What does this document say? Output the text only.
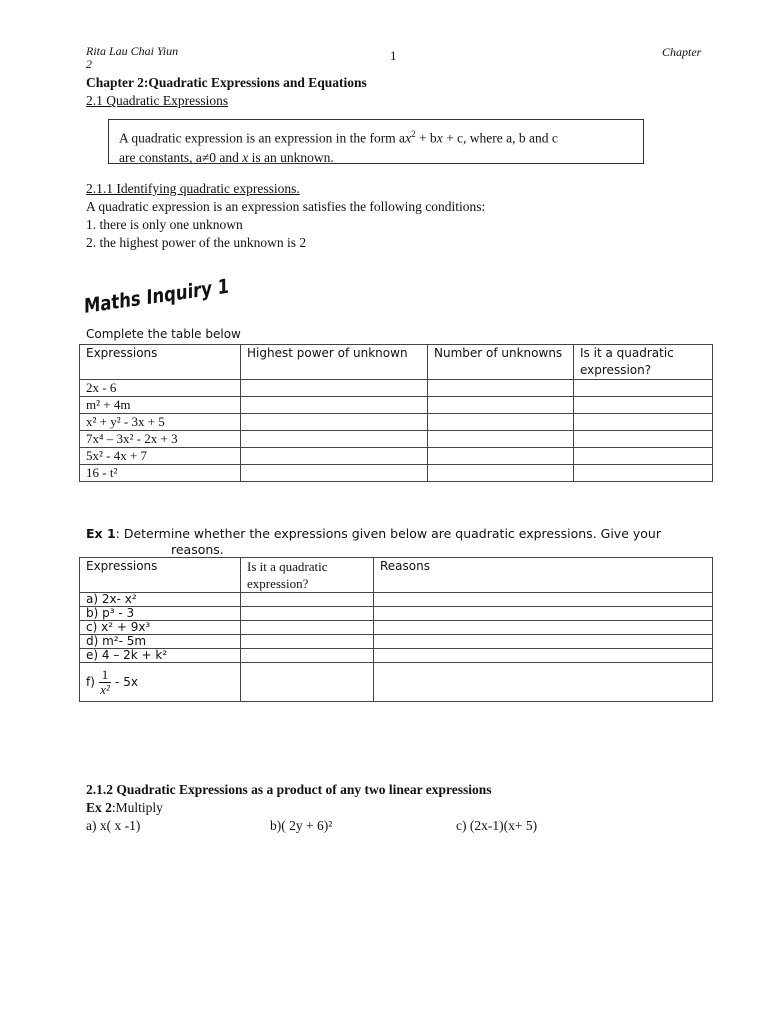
Rita Lau Chai Yiun
2
1	Chapter
Chapter 2:Quadratic Expressions and Equations
2.1 Quadratic Expressions
A quadratic expression is an expression in the form $ax^2$ + bx + c, where a, b and c
are constants, a≠0 and x is an unknown.
2.1.1 Identifying quadratic expressions.
A quadratic expression is an expression satisfies the following conditions:
1. there is only one unknown
2. the highest power of the unknown is 2
Maths Inquiry 1
Complete the table below
Expressions	Highest power of unknown	Number of unknowns	Is it a quadratic expression?
2x - 6			
m² + 4m			
x² + y² - 3x + 5			
7x⁴ – 3x² - 2x + 3			
5x² - 4x + 7			
16 - t²			
Ex 1: Determine whether the expressions given below are quadratic expressions. Give your
reasons.
Expressions	Is it a quadratic expression?	Reasons
a) 2x- x²		
b) p³ - 3		
c) x² + 9x³		
d) m²- 5m		
e) 4 – 2k + k²		
$f) \frac{1}{\text{x²}} - 5x$		
2.1.2 Quadratic Expressions as a product of any two linear expressions
Ex 2:Multiply
a) x( x -1)	b)( 2y + 6)²	c) (2x-1)(x+ 5)
